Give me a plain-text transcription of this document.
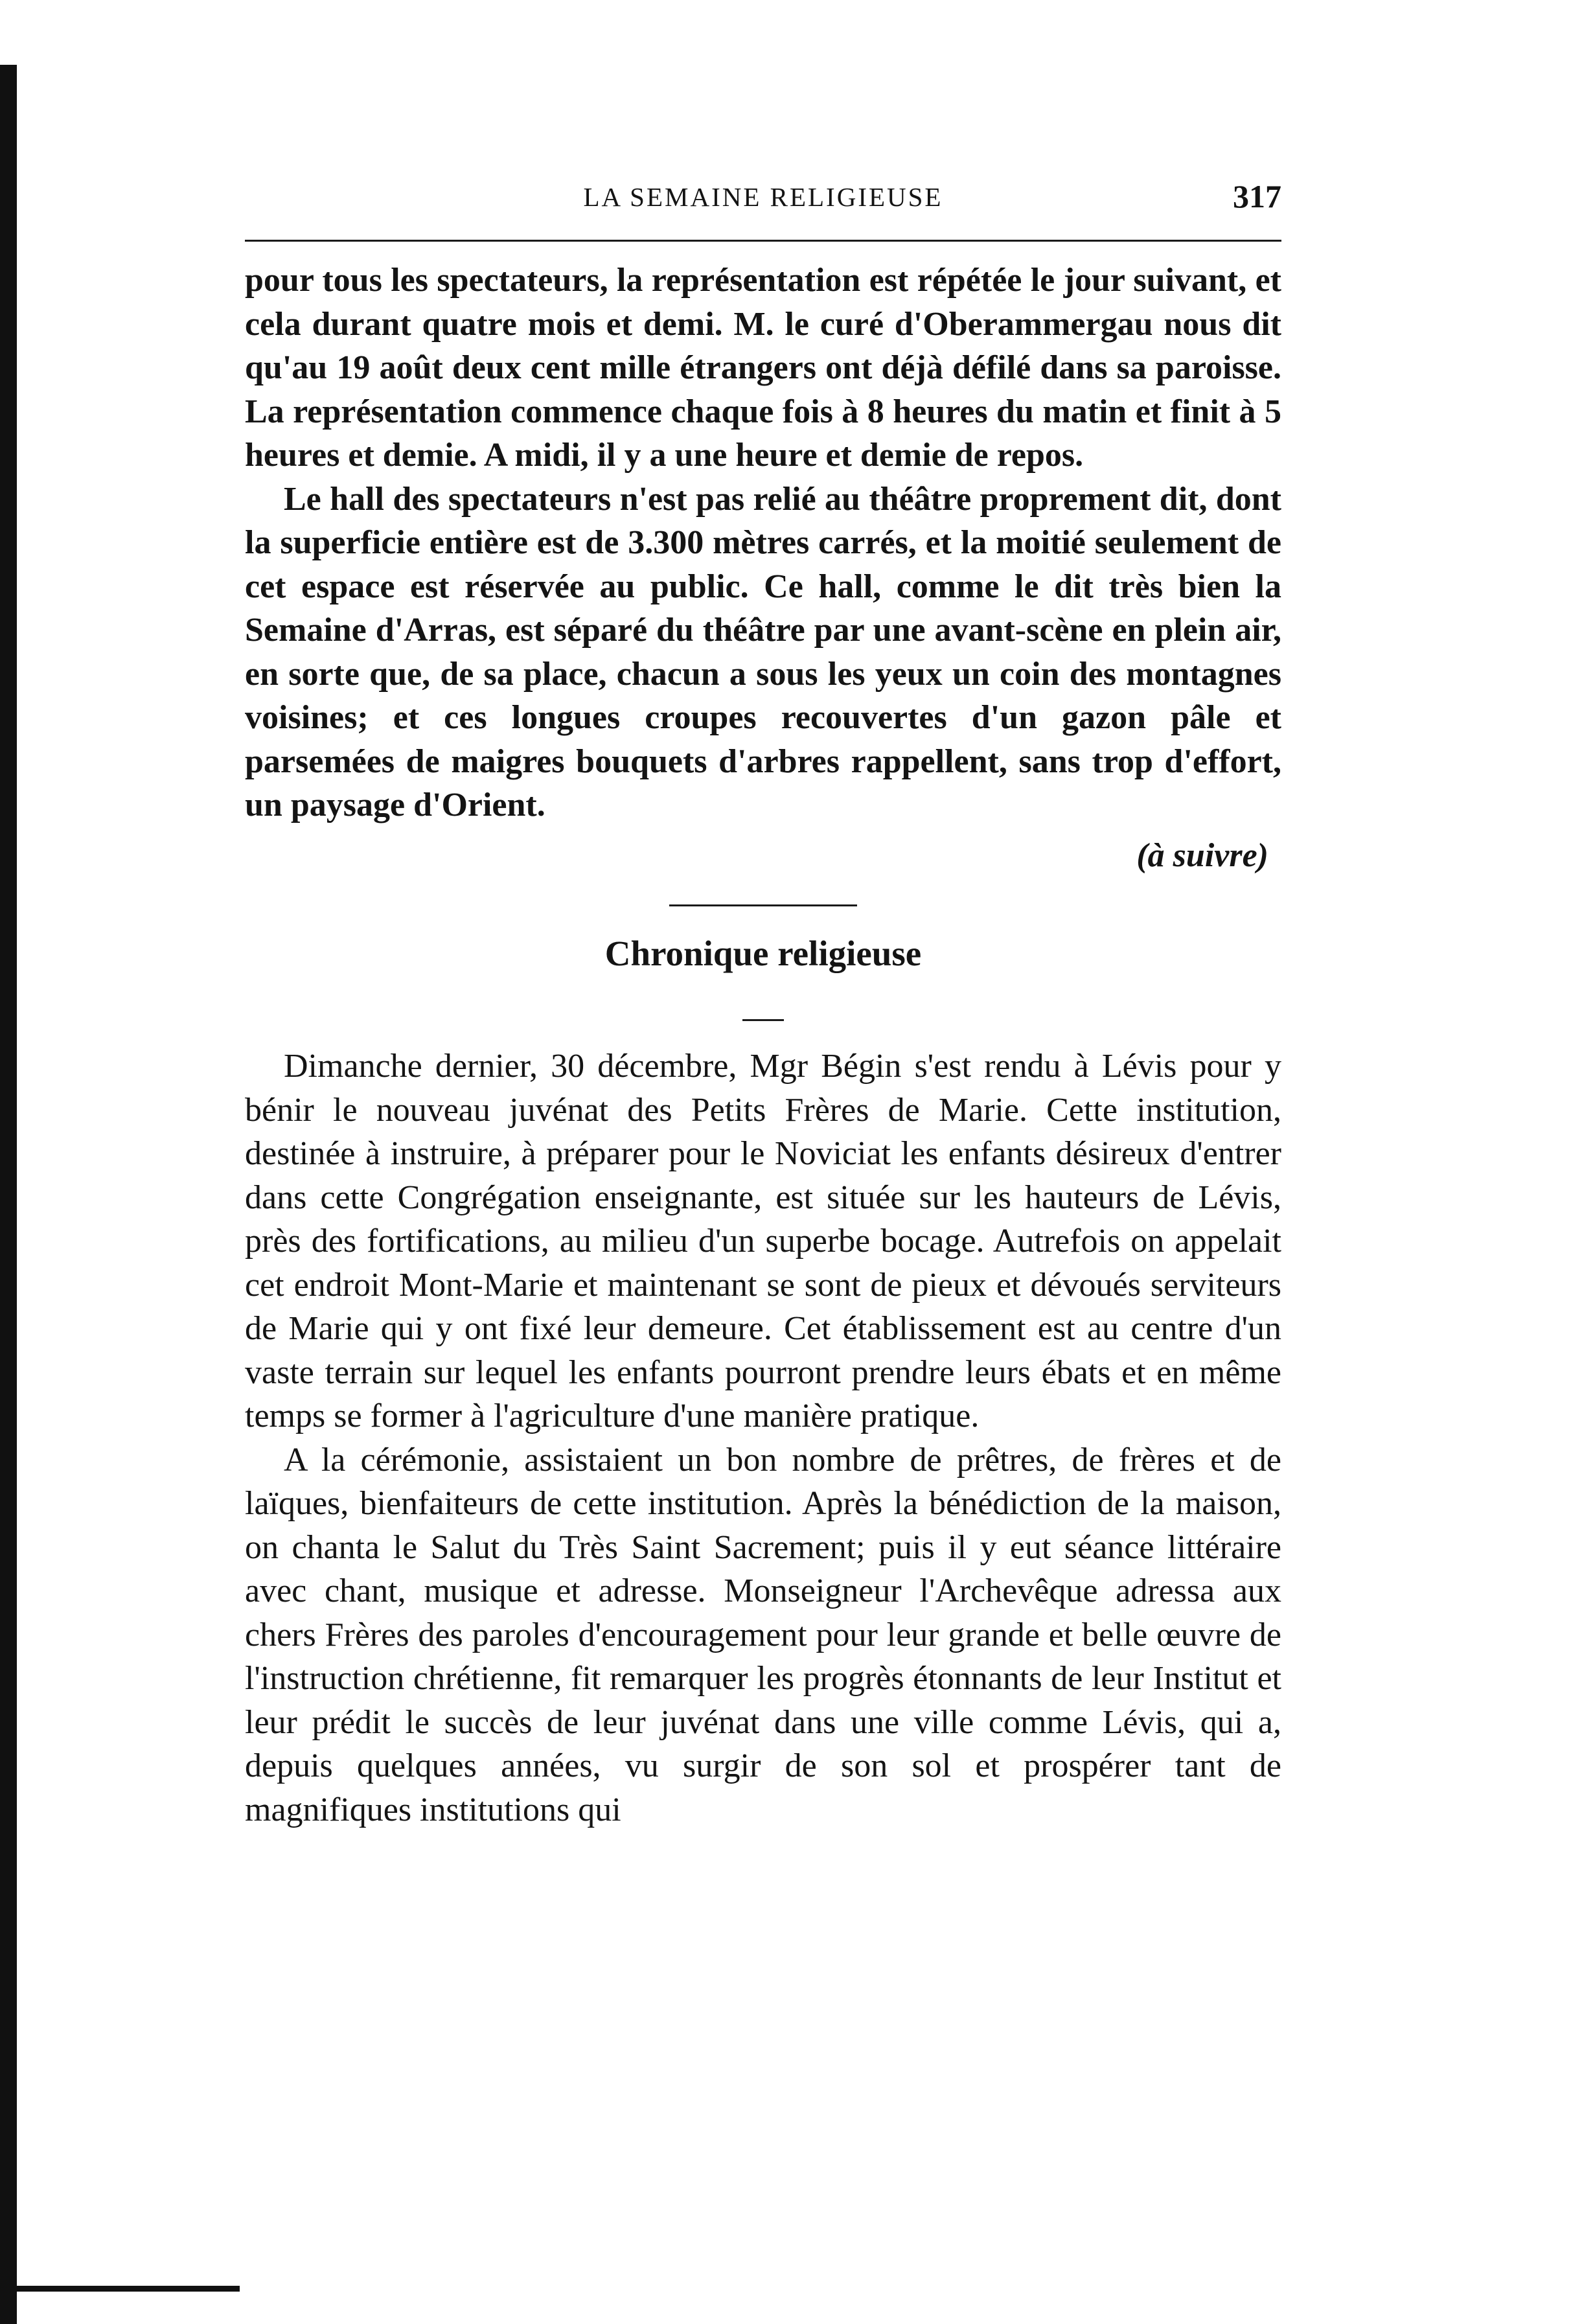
LA SEMAINE RELIGIEUSE	317

pour tous les spectateurs, la représentation est répétée le jour suivant, et cela durant quatre mois et demi. M. le curé d'Oberammergau nous dit qu'au 19 août deux cent mille étrangers ont déjà défilé dans sa paroisse. La représentation commence chaque fois à 8 heures du matin et finit à 5 heures et demie. A midi, il y a une heure et demie de repos.

Le hall des spectateurs n'est pas relié au théâtre proprement dit, dont la superficie entière est de 3.300 mètres carrés, et la moitié seulement de cet espace est réservée au public. Ce hall, comme le dit très bien la Semaine d'Arras, est séparé du théâtre par une avant-scène en plein air, en sorte que, de sa place, chacun a sous les yeux un coin des montagnes voisines; et ces longues croupes recouvertes d'un gazon pâle et parsemées de maigres bouquets d'arbres rappellent, sans trop d'effort, un paysage d'Orient.

(à suivre)

Chronique religieuse

Dimanche dernier, 30 décembre, Mgr Bégin s'est rendu à Lévis pour y bénir le nouveau juvénat des Petits Frères de Marie. Cette institution, destinée à instruire, à préparer pour le Noviciat les enfants désireux d'entrer dans cette Congrégation enseignante, est située sur les hauteurs de Lévis, près des fortifications, au milieu d'un superbe bocage. Autrefois on appelait cet endroit Mont-Marie et maintenant se sont de pieux et dévoués serviteurs de Marie qui y ont fixé leur demeure. Cet établissement est au centre d'un vaste terrain sur lequel les enfants pourront prendre leurs ébats et en même temps se former à l'agriculture d'une manière pratique.

A la cérémonie, assistaient un bon nombre de prêtres, de frères et de laïques, bienfaiteurs de cette institution. Après la bénédiction de la maison, on chanta le Salut du Très Saint Sacrement; puis il y eut séance littéraire avec chant, musique et adresse. Monseigneur l'Archevêque adressa aux chers Frères des paroles d'encouragement pour leur grande et belle œuvre de l'instruction chrétienne, fit remarquer les progrès étonnants de leur Institut et leur prédit le succès de leur juvénat dans une ville comme Lévis, qui a, depuis quelques années, vu surgir de son sol et prospérer tant de magnifiques institutions qui
